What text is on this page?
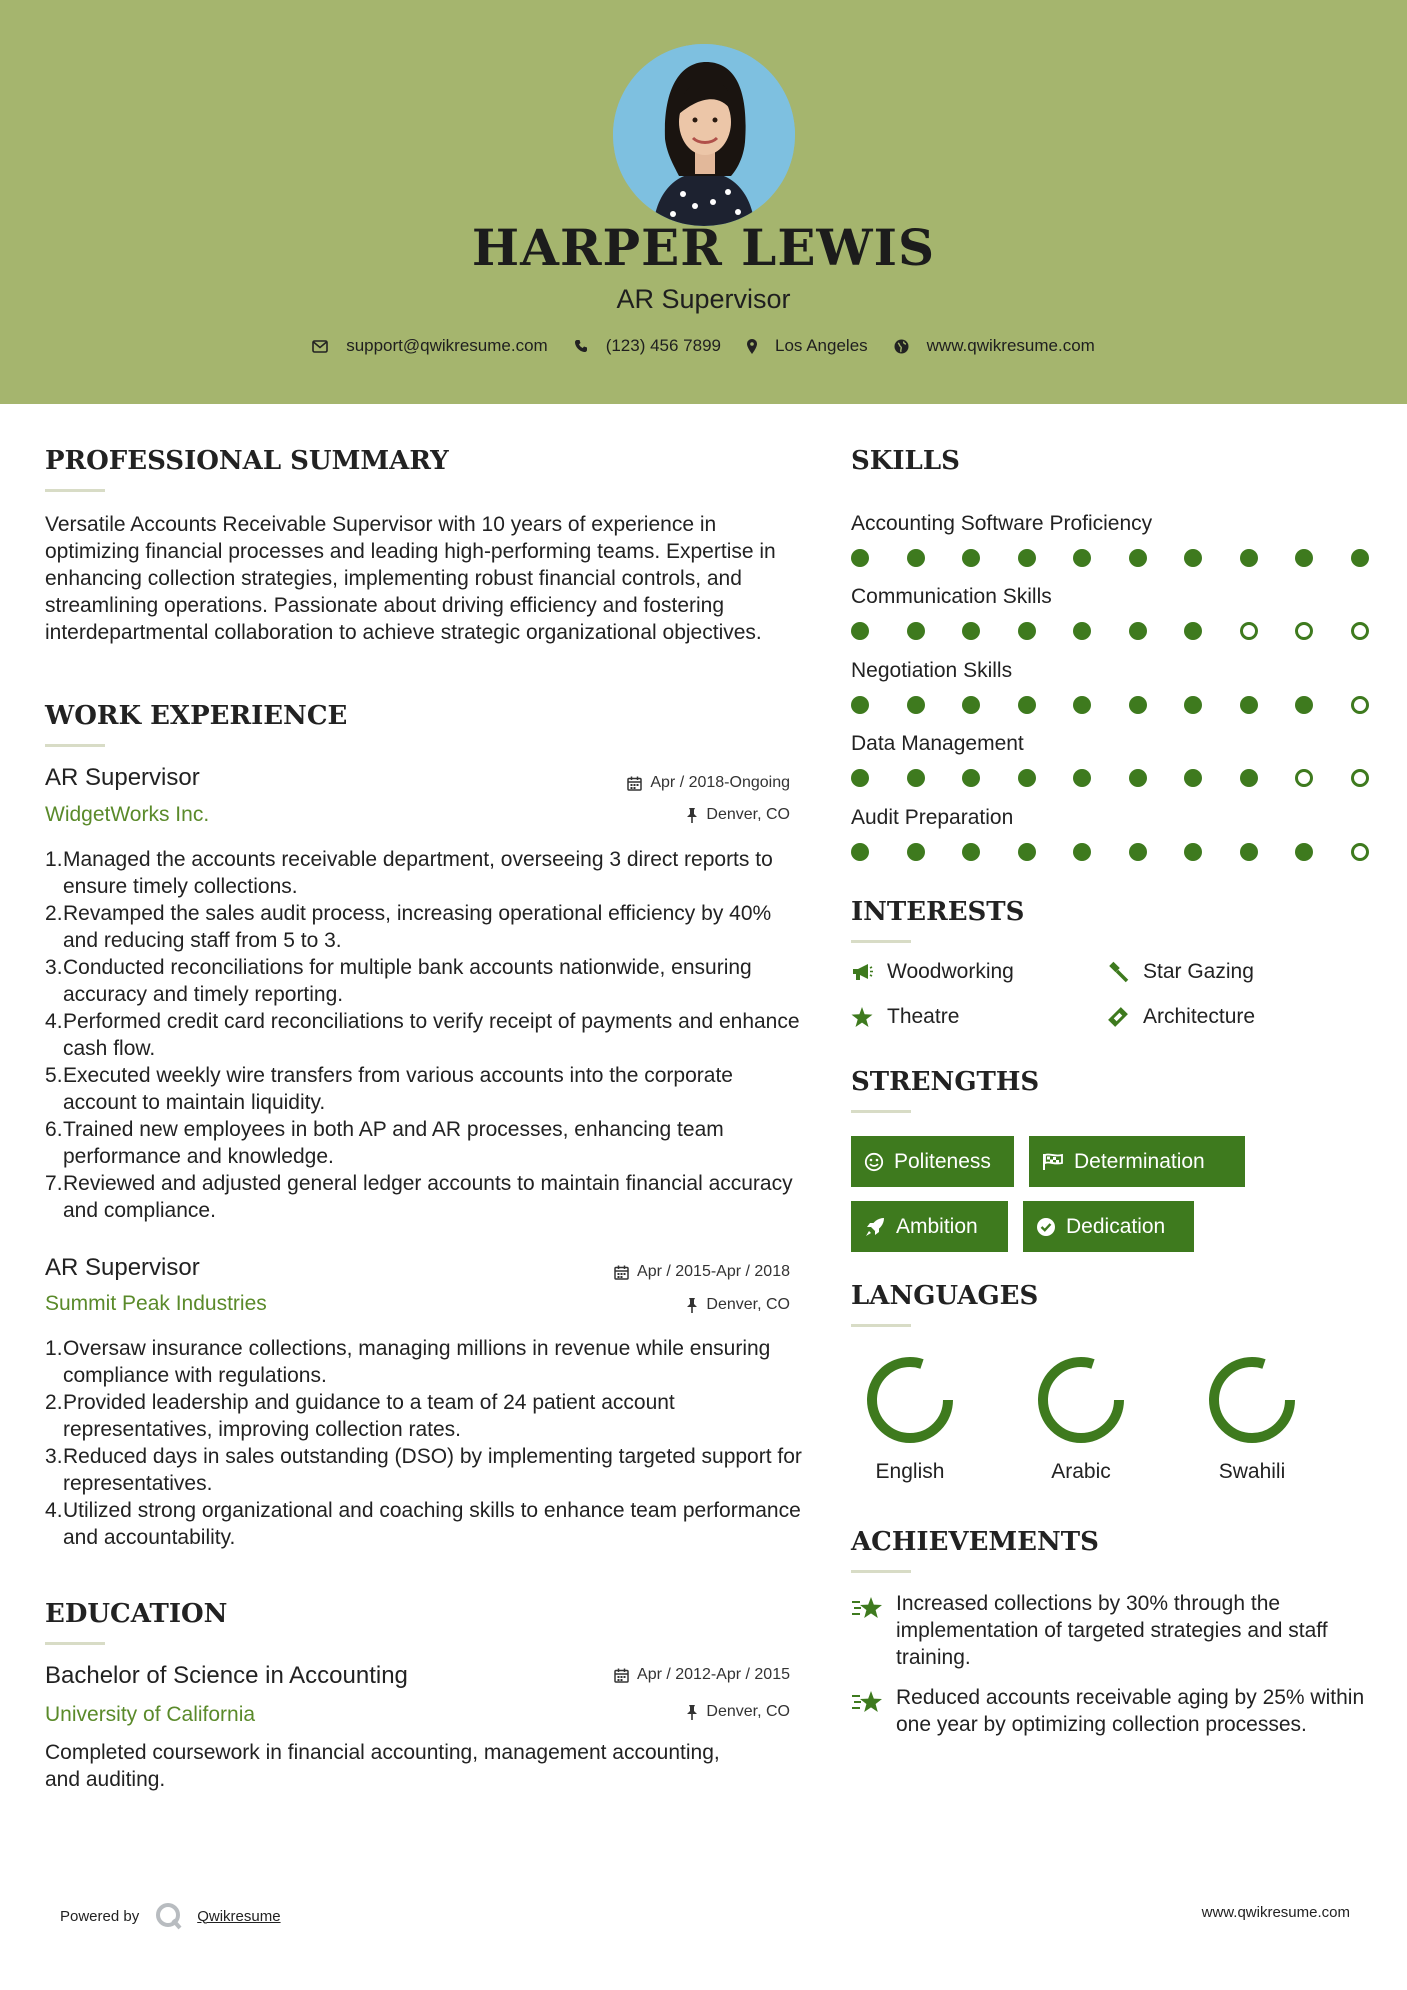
HARPER LEWIS
AR Supervisor
support@qwikresume.com	(123) 456 7899	Los Angeles	www.qwikresume.com
PROFESSIONAL SUMMARY
Versatile Accounts Receivable Supervisor with 10 years of experience in optimizing financial processes and leading high-performing teams. Expertise in enhancing collection strategies, implementing robust financial controls, and streamlining operations. Passionate about driving efficiency and fostering interdepartmental collaboration to achieve strategic organizational objectives.
WORK EXPERIENCE
AR Supervisor	Apr / 2018-Ongoing
WidgetWorks Inc.	Denver, CO
Managed the accounts receivable department, overseeing 3 direct reports to ensure timely collections.
Revamped the sales audit process, increasing operational efficiency by 40% and reducing staff from 5 to 3.
Conducted reconciliations for multiple bank accounts nationwide, ensuring accuracy and timely reporting.
Performed credit card reconciliations to verify receipt of payments and enhance cash flow.
Executed weekly wire transfers from various accounts into the corporate account to maintain liquidity.
Trained new employees in both AP and AR processes, enhancing team performance and knowledge.
Reviewed and adjusted general ledger accounts to maintain financial accuracy and compliance.
AR Supervisor	Apr / 2015-Apr / 2018
Summit Peak Industries	Denver, CO
Oversaw insurance collections, managing millions in revenue while ensuring compliance with regulations.
Provided leadership and guidance to a team of 24 patient account representatives, improving collection rates.
Reduced days in sales outstanding (DSO) by implementing targeted support for representatives.
Utilized strong organizational and coaching skills to enhance team performance and accountability.
EDUCATION
Bachelor of Science in Accounting	Apr / 2012-Apr / 2015
University of California	Denver, CO
Completed coursework in financial accounting, management accounting, and auditing.
SKILLS
Accounting Software Proficiency
Communication Skills
Negotiation Skills
Data Management
Audit Preparation
INTERESTS
Woodworking	Star Gazing
Theatre	Architecture
STRENGTHS
Politeness	Determination
Ambition	Dedication
LANGUAGES
English	Arabic	Swahili
ACHIEVEMENTS
Increased collections by 30% through the implementation of targeted strategies and staff training.
Reduced accounts receivable aging by 25% within one year by optimizing collection processes.
Powered by	Qwikresume	www.qwikresume.com
